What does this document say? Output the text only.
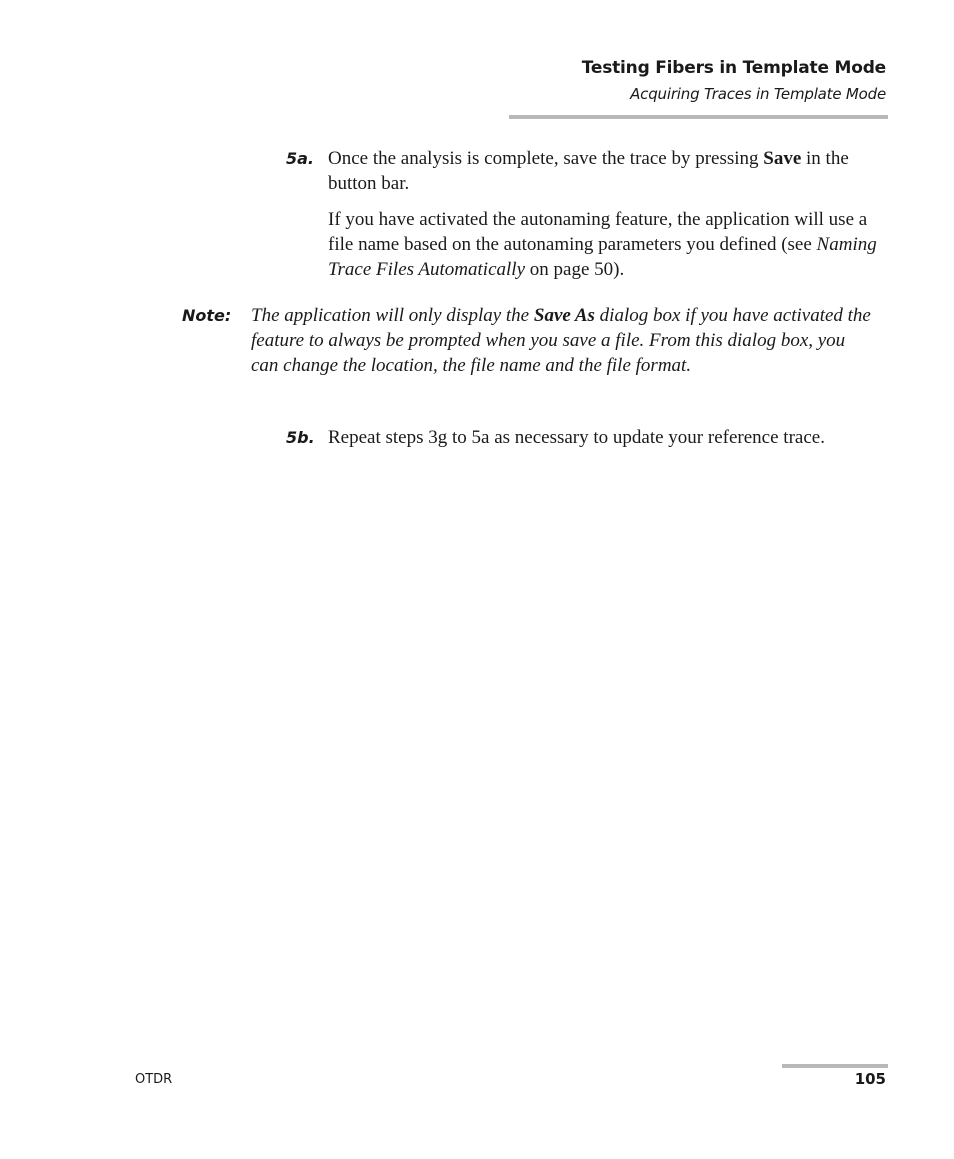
Testing Fibers in Template Mode
Acquiring Traces in Template Mode
5a. Once the analysis is complete, save the trace by pressing Save in the button bar.

If you have activated the autonaming feature, the application will use a file name based on the autonaming parameters you defined (see Naming Trace Files Automatically on page 50).

Note: The application will only display the Save As dialog box if you have activated the feature to always be prompted when you save a file. From this dialog box, you can change the location, the file name and the file format.
5b. Repeat steps 3g to 5a as necessary to update your reference trace.

OTDR	105
